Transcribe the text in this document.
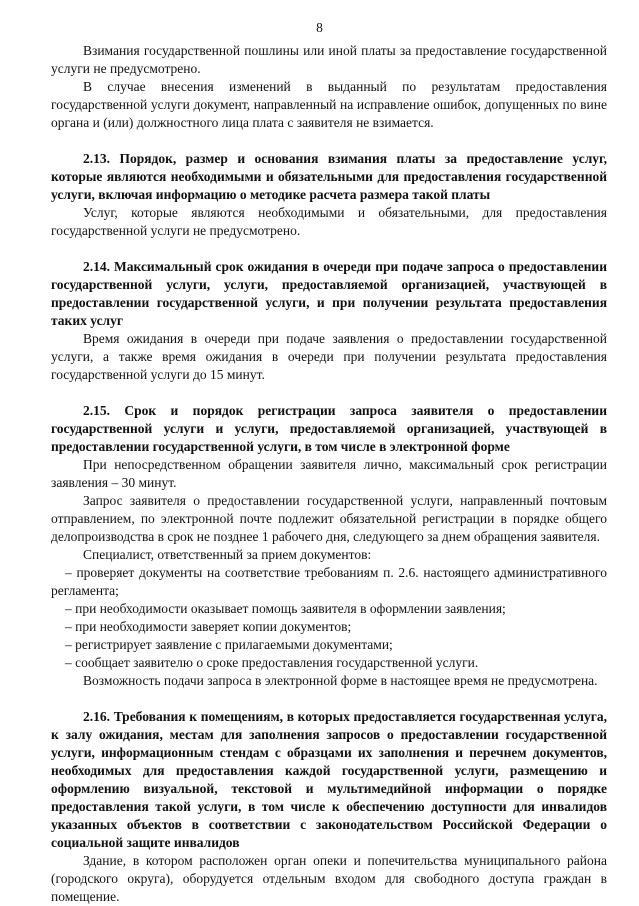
8

Взимания государственной пошлины или иной платы за предоставление государственной услуги не предусмотрено.

В случае внесения изменений в выданный по результатам предоставления государственной услуги документ, направленный на исправление ошибок, допущенных по вине органа и (или) должностного лица плата с заявителя не взимается.

2.13. Порядок, размер и основания взимания платы за предоставление услуг, которые являются необходимыми и обязательными для предоставления государственной услуги, включая информацию о методике расчета размера такой платы

Услуг, которые являются необходимыми и обязательными, для предоставления государственной услуги не предусмотрено.

2.14. Максимальный срок ожидания в очереди при подаче запроса о предоставлении государственной услуги, услуги, предоставляемой организацией, участвующей в предоставлении государственной услуги, и при получении результата предоставления таких услуг

Время ожидания в очереди при подаче заявления о предоставлении государственной услуги, а также время ожидания в очереди при получении результата предоставления государственной услуги до 15 минут.

2.15. Срок и порядок регистрации запроса заявителя о предоставлении государственной услуги и услуги, предоставляемой организацией, участвующей в предоставлении государственной услуги, в том числе в электронной форме

При непосредственном обращении заявителя лично, максимальный срок регистрации заявления – 30 минут.

Запрос заявителя о предоставлении государственной услуги, направленный почтовым отправлением, по электронной почте подлежит обязательной регистрации в порядке общего делопроизводства в срок не позднее 1 рабочего дня, следующего за днем обращения заявителя.

Специалист, ответственный за прием документов:

– проверяет документы на соответствие требованиям п. 2.6. настоящего административного регламента;

– при необходимости оказывает помощь заявителя в оформлении заявления;

– при необходимости заверяет копии документов;

– регистрирует заявление с прилагаемыми документами;

– сообщает заявителю о сроке предоставления государственной услуги.

Возможность подачи запроса в электронной форме в настоящее время не предусмотрена.

2.16. Требования к помещениям, в которых предоставляется государственная услуга, к залу ожидания, местам для заполнения запросов о предоставлении государственной услуги, информационным стендам с образцами их заполнения и перечнем документов, необходимых для предоставления каждой государственной услуги, размещению и оформлению визуальной, текстовой и мультимедийной информации о порядке предоставления такой услуги, в том числе к обеспечению доступности для инвалидов указанных объектов в соответствии с законодательством Российской Федерации о социальной защите инвалидов

Здание, в котором расположен орган опеки и попечительства муниципального района (городского округа), оборудуется отдельным входом для свободного доступа граждан в помещение.
